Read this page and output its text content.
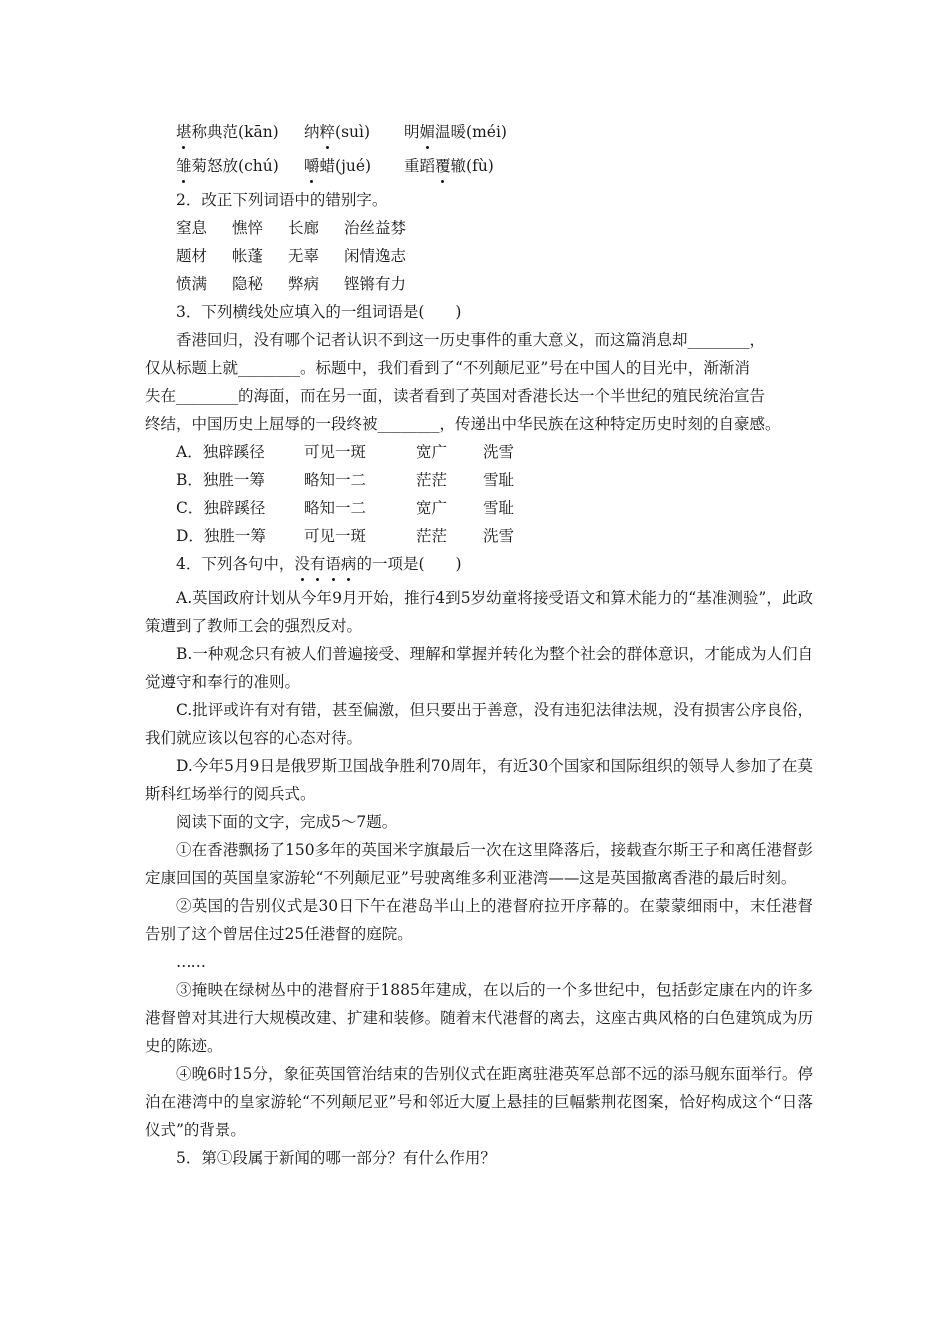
堪称典范(kān) 纳粹(suì) 明媚温暖(méi)
雏菊怒放(chú) 嚼蜡(jué) 重蹈覆辙(fù)
2．改正下列词语中的错别字。
窒息 憔悴 长廊 治丝益棼
题材 帐蓬 无辜 闲情逸志
愤满 隐秘 弊病 铿锵有力
3．下列横线处应填入的一组词语是(　　)
香港回归，没有哪个记者认识不到这一历史事件的重大意义，而这篇消息却________，
仅从标题上就________。标题中，我们看到了“不列颠尼亚”号在中国人的目光中，渐渐消
失在________的海面，而在另一面，读者看到了英国对香港长达一个半世纪的殖民统治宣告
终结，中国历史上屈辱的一段终被________，传递出中华民族在这种特定历史时刻的自豪感。
A．独辟蹊径	可见一斑	宽广 洗雪
B．独胜一筹	略知一二	茫茫 雪耻
C．独辟蹊径 略知一二	宽广 雪耻
D．独胜一筹 可见一斑	茫茫 洗雪
4．下列各句中，没有语病的一项是(　　)
A.英国政府计划从今年9月开始，推行4到5岁幼童将接受语文和算术能力的“基准测验”，此政策遭到了教师工会的强烈反对。
B.一种观念只有被人们普遍接受、理解和掌握并转化为整个社会的群体意识，才能成为人们自觉遵守和奉行的准则。
C.批评或许有对有错，甚至偏激，但只要出于善意，没有违犯法律法规，没有损害公序良俗，我们就应该以包容的心态对待。
D.今年5月9日是俄罗斯卫国战争胜利70周年，有近30个国家和国际组织的领导人参加了在莫斯科红场举行的阅兵式。
阅读下面的文字，完成5～7题。
①在香港飘扬了150多年的英国米字旗最后一次在这里降落后，接载查尔斯王子和离任港督彭定康回国的英国皇家游轮“不列颠尼亚”号驶离维多利亚港湾——这是英国撤离香港的最后时刻。
②英国的告别仪式是30日下午在港岛半山上的港督府拉开序幕的。在蒙蒙细雨中，末任港督告别了这个曾居住过25任港督的庭院。
……
③掩映在绿树丛中的港督府于1885年建成，在以后的一个多世纪中，包括彭定康在内的许多港督曾对其进行大规模改建、扩建和装修。随着末代港督的离去，这座古典风格的白色建筑成为历史的陈迹。
④晚6时15分，象征英国管治结束的告别仪式在距离驻港英军总部不远的添马舰东面举行。停泊在港湾中的皇家游轮“不列颠尼亚”号和邻近大厦上悬挂的巨幅紫荆花图案，恰好构成这个“日落仪式”的背景。
5．第①段属于新闻的哪一部分？有什么作用？
